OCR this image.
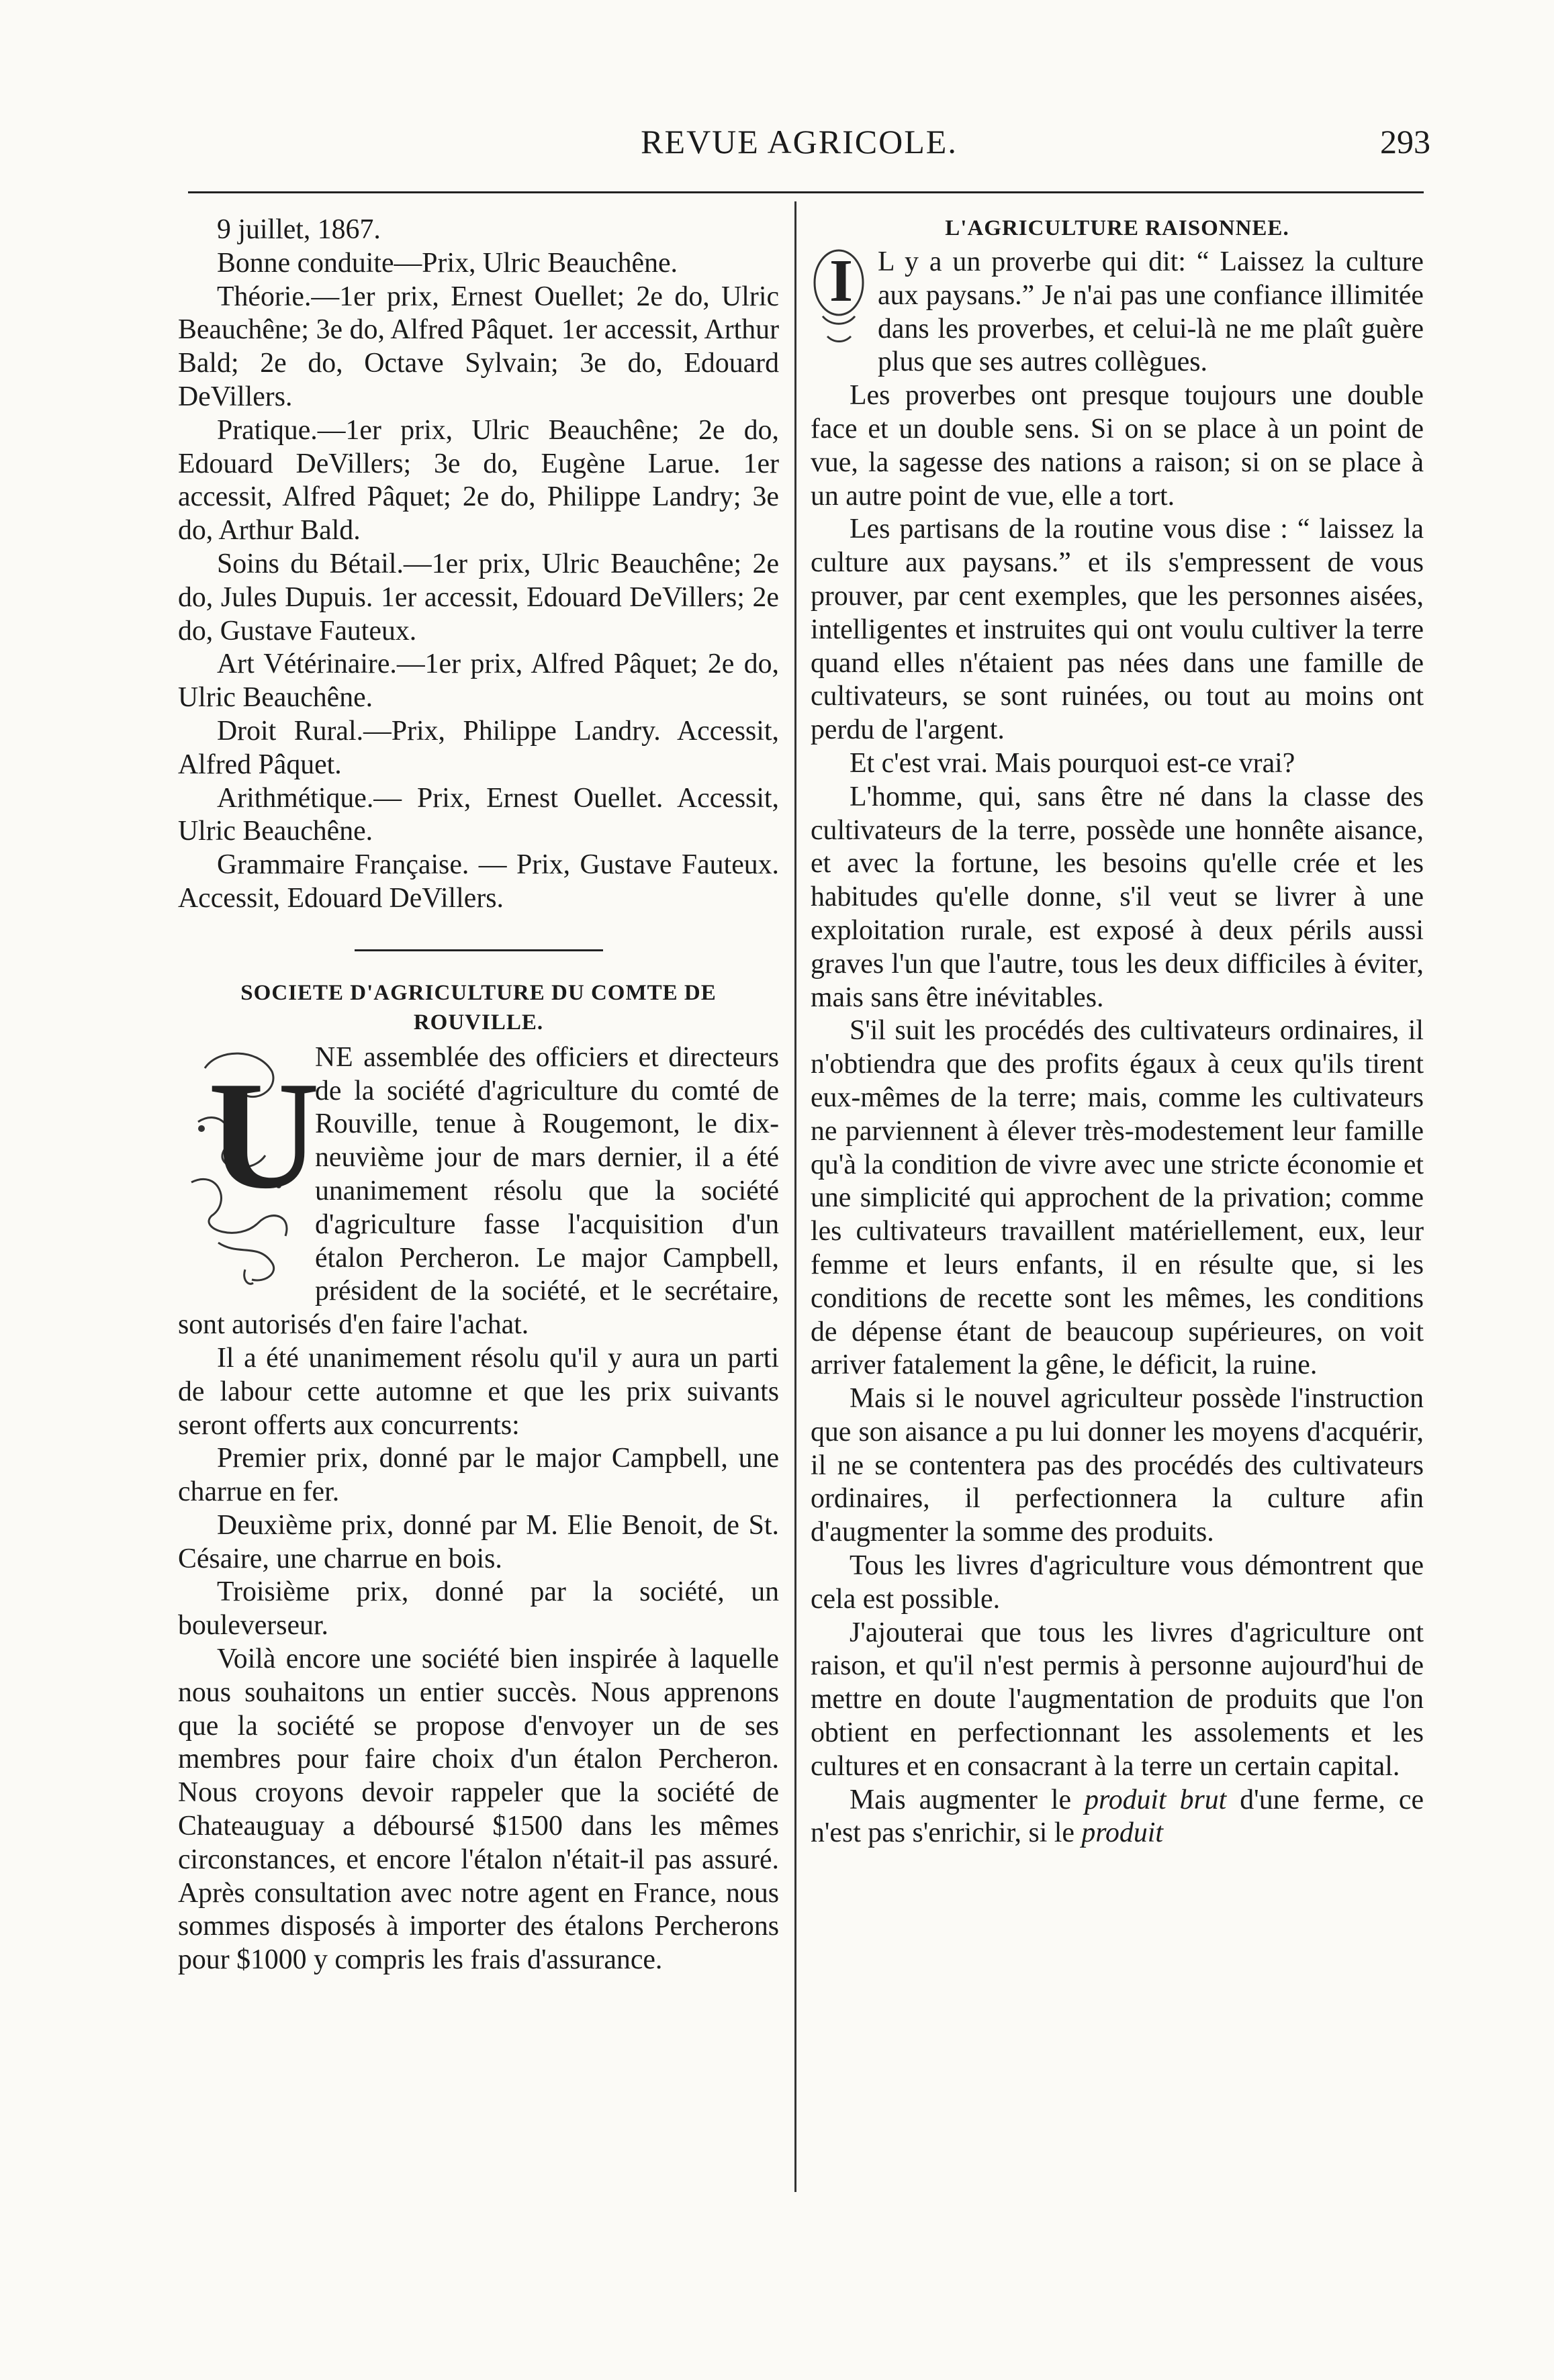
REVUE AGRICOLE.	293

9 juillet, 1867.

Bonne conduite—Prix, Ulric Beauchêne.

Théorie.—1er prix, Ernest Ouellet; 2e do, Ulric Beauchêne; 3e do, Alfred Pâquet. 1er accessit, Arthur Bald; 2e do, Octave Sylvain; 3e do, Edouard DeVillers.

Pratique.—1er prix, Ulric Beauchêne; 2e do, Edouard DeVillers; 3e do, Eugène Larue. 1er accessit, Alfred Pâquet; 2e do, Philippe Landry; 3e do, Arthur Bald.

Soins du Bétail.—1er prix, Ulric Beauchêne; 2e do, Jules Dupuis. 1er accessit, Edouard DeVillers; 2e do, Gustave Fauteux.

Art Vétérinaire.—1er prix, Alfred Pâquet; 2e do, Ulric Beauchêne.

Droit Rural.—Prix, Philippe Landry. Accessit, Alfred Pâquet.

Arithmétique.— Prix, Ernest Ouellet. Accessit, Ulric Beauchêne.

Grammaire Française. — Prix, Gustave Fauteux. Accessit, Edouard DeVillers.

SOCIETE D'AGRICULTURE DU COMTE DE ROUVILLE.
U

NE assemblée des officiers et directeurs de la société d'agriculture du comté de Rouville, tenue à Rougemont, le dix-neuvième jour de mars dernier, il a été unanimement résolu que la société d'agriculture fasse l'acquisition d'un étalon Percheron. Le major Campbell, président de la société, et le secrétaire, sont autorisés d'en faire l'achat.

Il a été unanimement résolu qu'il y aura un parti de labour cette automne et que les prix suivants seront offerts aux concurrents:

Premier prix, donné par le major Campbell, une charrue en fer.

Deuxième prix, donné par M. Elie Benoit, de St. Césaire, une charrue en bois.

Troisième prix, donné par la société, un bouleverseur.

Voilà encore une société bien inspirée à laquelle nous souhaitons un entier succès. Nous apprenons que la société se propose d'envoyer un de ses membres pour faire choix d'un étalon Percheron. Nous croyons devoir rappeler que la société de Chateauguay a déboursé $1500 dans les mêmes circonstances, et encore l'étalon n'était-il pas assuré. Après consultation avec notre agent en France, nous sommes disposés à importer des étalons Percherons pour $1000 y compris les frais d'assurance.

L'AGRICULTURE RAISONNEE.
I L y a un proverbe qui dit: “ Laissez la culture aux paysans.” Je n'ai pas une confiance illimitée dans les proverbes, et celui-là ne me plaît guère plus que ses autres collègues.

Les proverbes ont presque toujours une double face et un double sens. Si on se place à un point de vue, la sagesse des nations a raison; si on se place à un autre point de vue, elle a tort.

Les partisans de la routine vous dise : “ laissez la culture aux paysans.” et ils s'empressent de vous prouver, par cent exemples, que les personnes aisées, intelligentes et instruites qui ont voulu cultiver la terre quand elles n'étaient pas nées dans une famille de cultivateurs, se sont ruinées, ou tout au moins ont perdu de l'argent.

Et c'est vrai. Mais pourquoi est-ce vrai?

L'homme, qui, sans être né dans la classe des cultivateurs de la terre, possède une honnête aisance, et avec la fortune, les besoins qu'elle crée et les habitudes qu'elle donne, s'il veut se livrer à une exploitation rurale, est exposé à deux périls aussi graves l'un que l'autre, tous les deux difficiles à éviter, mais sans être inévitables.

S'il suit les procédés des cultivateurs ordinaires, il n'obtiendra que des profits égaux à ceux qu'ils tirent eux-mêmes de la terre; mais, comme les cultivateurs ne parviennent à élever très-modestement leur famille qu'à la condition de vivre avec une stricte économie et une simplicité qui approchent de la privation; comme les cultivateurs travaillent matériellement, eux, leur femme et leurs enfants, il en résulte que, si les conditions de recette sont les mêmes, les conditions de dépense étant de beaucoup supérieures, on voit arriver fatalement la gêne, le déficit, la ruine.

Mais si le nouvel agriculteur possède l'instruction que son aisance a pu lui donner les moyens d'acquérir, il ne se contentera pas des procédés des cultivateurs ordinaires, il perfectionnera la culture afin d'augmenter la somme des produits.

Tous les livres d'agriculture vous démontrent que cela est possible.

J'ajouterai que tous les livres d'agriculture ont raison, et qu'il n'est permis à personne aujourd'hui de mettre en doute l'augmentation de produits que l'on obtient en perfectionnant les assolements et les cultures et en consacrant à la terre un certain capital.

Mais augmenter le produit brut d'une ferme, ce n'est pas s'enrichir, si le produit
